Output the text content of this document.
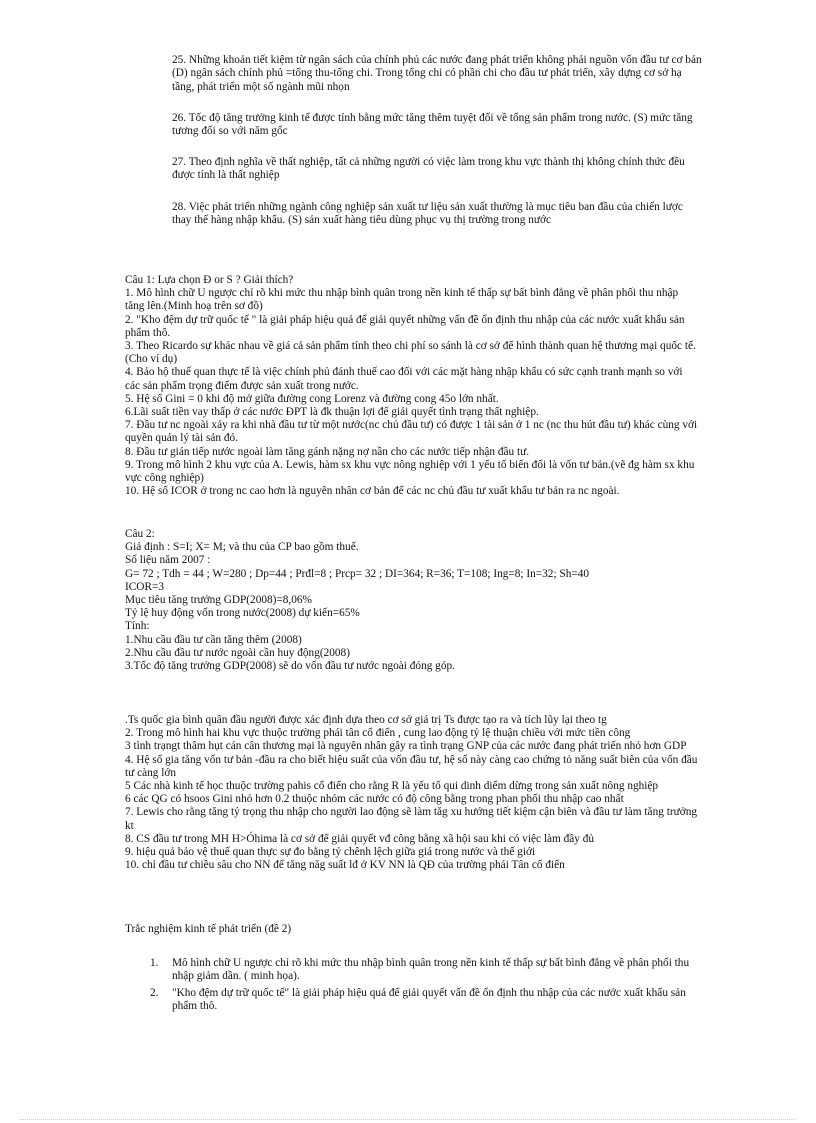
25. Những khoản tiết kiệm từ ngân sách của chính phủ các nước đang phát triển không phải nguồn vốn đầu tư cơ bản (D) ngân sách chính phủ =tổng thu-tổng chi. Trong tổng chi có phần chi cho đầu tư phát triển, xây dựng cơ sở hạ tầng, phát triển một số ngành mũi nhọn

26. Tốc độ tăng trưởng kinh tế được tính bằng mức tăng thêm tuyệt đối về tổng sản phẩm trong nước. (S) mức tăng tương đối so với năm gốc

27. Theo định nghĩa về thất nghiệp, tất cả những người có việc làm trong khu vực thành thị không chính thức đều được tính là thất nghiệp

28. Việc phát triển những ngành công nghiệp sản xuất tư liệu sản xuất thường là mục tiêu ban đầu của chiến lược thay thế hàng nhập khẩu. (S) sản xuất hàng tiêu dùng phục vụ thị trường trong nước

Câu 1: Lựa chọn Đ or S ? Giải thích?

1. Mô hình chữ U ngược chỉ rõ khi mức thu nhập bình quân trong nền kinh tế thấp sự bất bình đẳng về phân phối thu nhập tăng lên.(Minh hoạ trên sơ đồ)

2. "Kho đệm dự trữ quốc tế " là giải pháp hiệu quả để giải quyết những vấn đề ổn định thu nhập của các nước xuất khẩu sản phẩm thô.

3. Theo Ricardo sự khác nhau về giá cả sản phẩm tính theo chi phí so sánh là cơ sở để hình thành quan hệ thương mại quốc tế. (Cho ví dụ)

4. Bảo hộ thuế quan thực tế là việc chính phủ đánh thuế cao đối với các mặt hàng nhập khẩu có sức cạnh tranh mạnh so với các sản phẩm trọng điểm được sản xuất trong nước.

5. Hệ số Gini = 0 khi độ mở giữa đường cong Lorenz và đường cong 45o lớn nhất.

6.Lãi suất tiền vay thấp ở các nước ĐPT là đk thuận lợi để giải quyết tình trạng thất nghiệp.

7. Đầu tư nc ngoài xảy ra khi nhà đầu tư từ một nước(nc chủ đầu tư) có được 1 tài sản ở 1 nc (nc thu hút đầu tư) khác cùng với quyền quản lý tài sản đó.

8. Đầu tư gián tiếp nước ngoài làm tăng gánh nặng nợ nần cho các nước tiếp nhận đầu tư.

9. Trong mô hình 2 khu vực của A. Lewis, hàm sx khu vực nông nghiệp với 1 yếu tố biến đổi là vốn tư bản.(vẽ đg hàm sx khu vực công nghiệp)

10. Hệ số ICOR ở trong nc cao hơn là nguyên nhân cơ bản để các nc chủ đầu tư xuất khẩu tư bản ra nc ngoài.

Câu 2:

Giả định : S=I; X= M; và thu của CP bao gồm thuế.

Số liệu năm 2007 :

G= 72 ; Tdh = 44 ; W=280 ; Dp=44 ; Prđl=8 ; Prcp= 32 ; DI=364; R=36; T=108; Ing=8; In=32; Sh=40

ICOR=3

Mục tiêu tăng trưởng GDP(2008)=8,06%

Tỷ lệ huy động vốn trong nước(2008) dự kiến=65%

Tính:

1.Nhu cầu đầu tư cần tăng thêm (2008)

2.Nhu cầu đầu tư nước ngoài cần huy động(2008)

3.Tốc độ tăng trưởng GDP(2008) sẽ do vốn đầu tư nước ngoài đóng góp.

.Ts quốc gia bình quân đầu người được xác định dựa theo cơ sở giá trị Ts được tạo ra và tích lũy lại theo tg

2. Trong mô hình hai khu vực thuộc trường phái tân cổ điển , cung lao động tỷ lệ thuận chiều với mức tiền công

3 tình trạngt thâm hụt cán cân thương mại là nguyên nhân gây ra tình trạng GNP của các nước đang phát triển nhỏ hơn GDP

4. Hệ số gia tăng vốn tư bản -đầu ra cho biết hiệu suất của vốn đầu tư, hệ số này càng cao chứng tỏ năng suất biên của vốn đầu tư càng lớn

5 Các nhà kinh tế học thuộc trường pahis cổ điển cho rằng R là yếu tố qui dinh diểm dừng trong sản xuất nông nghiệp

6 các QG có hsoos Gini nhỏ hơn 0.2 thuộc nhóm các nước có độ công bằng trong phan phối thu nhập cao nhất

7. Lewis cho rằng tăng tỷ trọng thu nhập cho người lao động sẽ làm tăg xu hướng tiết kiệm cận biên và đầu tư làm tăng trưởng kt

8. CS đầu tư trong MH H>Óhima là cơ sở để giải quyết vđ công bằng xã hội sau khi có việc làm đầy đủ

9. hiệu quả bảo vệ thuế quan thực sự đo bằng tỷ chênh lệch giữa giá trong nước và thế giới

10. chỉ đầu tư chiều sâu cho NN để tăng năg suất lđ ở KV NN là QĐ của trường phái Tân cổ điển

Trắc nghiệm kinh tế phát triển (đề 2)

1.	Mô hình chữ U ngược chỉ rõ khi mức thu nhập bình quân trong nền kinh tế thấp sự bất bình đẳng về phân phối thu nhập giảm dần. ( minh họa).
2.	"Kho đệm dự trữ quốc tế" là giải pháp hiệu quả để giải quyết vấn đề ổn định thu nhập của các nước xuất khẩu sản phẩm thô.
